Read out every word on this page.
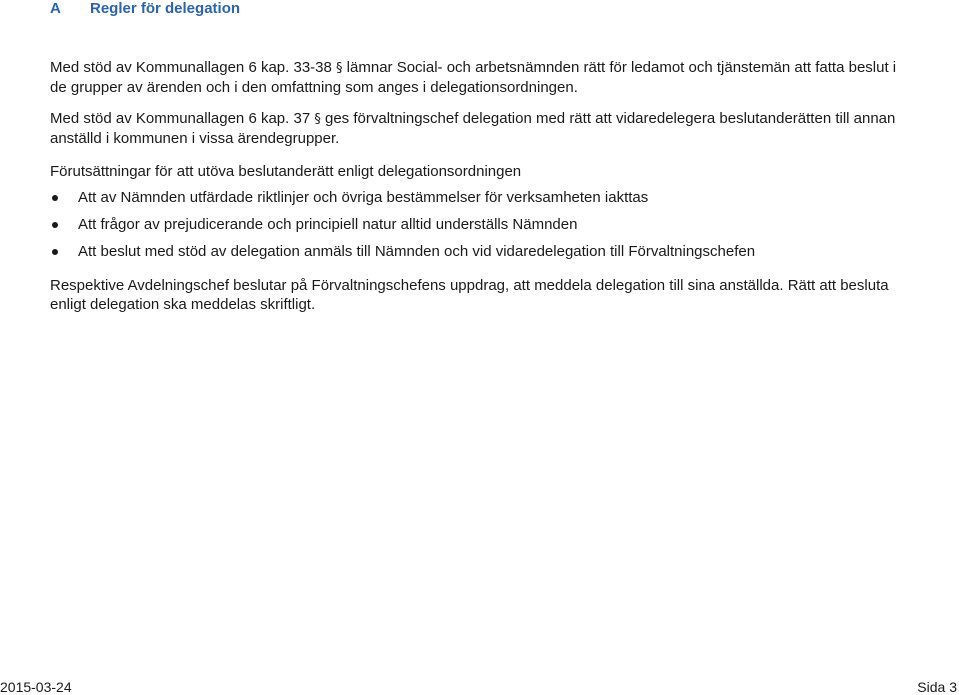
A Regler för delegation
Med stöd av Kommunallagen 6 kap. 33-38 § lämnar Social- och arbetsnämnden rätt för ledamot och tjänstemän att fatta beslut i de grupper av ärenden och i den omfattning som anges i delegationsordningen.
Med stöd av Kommunallagen 6 kap. 37 § ges förvaltningschef delegation med rätt att vidaredelegera beslutanderätten till annan anställd i kommunen i vissa ärendegrupper.
Förutsättningar för att utöva beslutanderätt enligt delegationsordningen
Att av Nämnden utfärdade riktlinjer och övriga bestämmelser för verksamheten iakttas
Att frågor av prejudicerande och principiell natur alltid underställs Nämnden
Att beslut med stöd av delegation anmäls till Nämnden och vid vidaredelegation till Förvaltningschefen
Respektive Avdelningschef beslutar på Förvaltningschefens uppdrag, att meddela delegation till sina anställda. Rätt att besluta enligt delegation ska meddelas skriftligt.
2015-03-24	Sida 3
